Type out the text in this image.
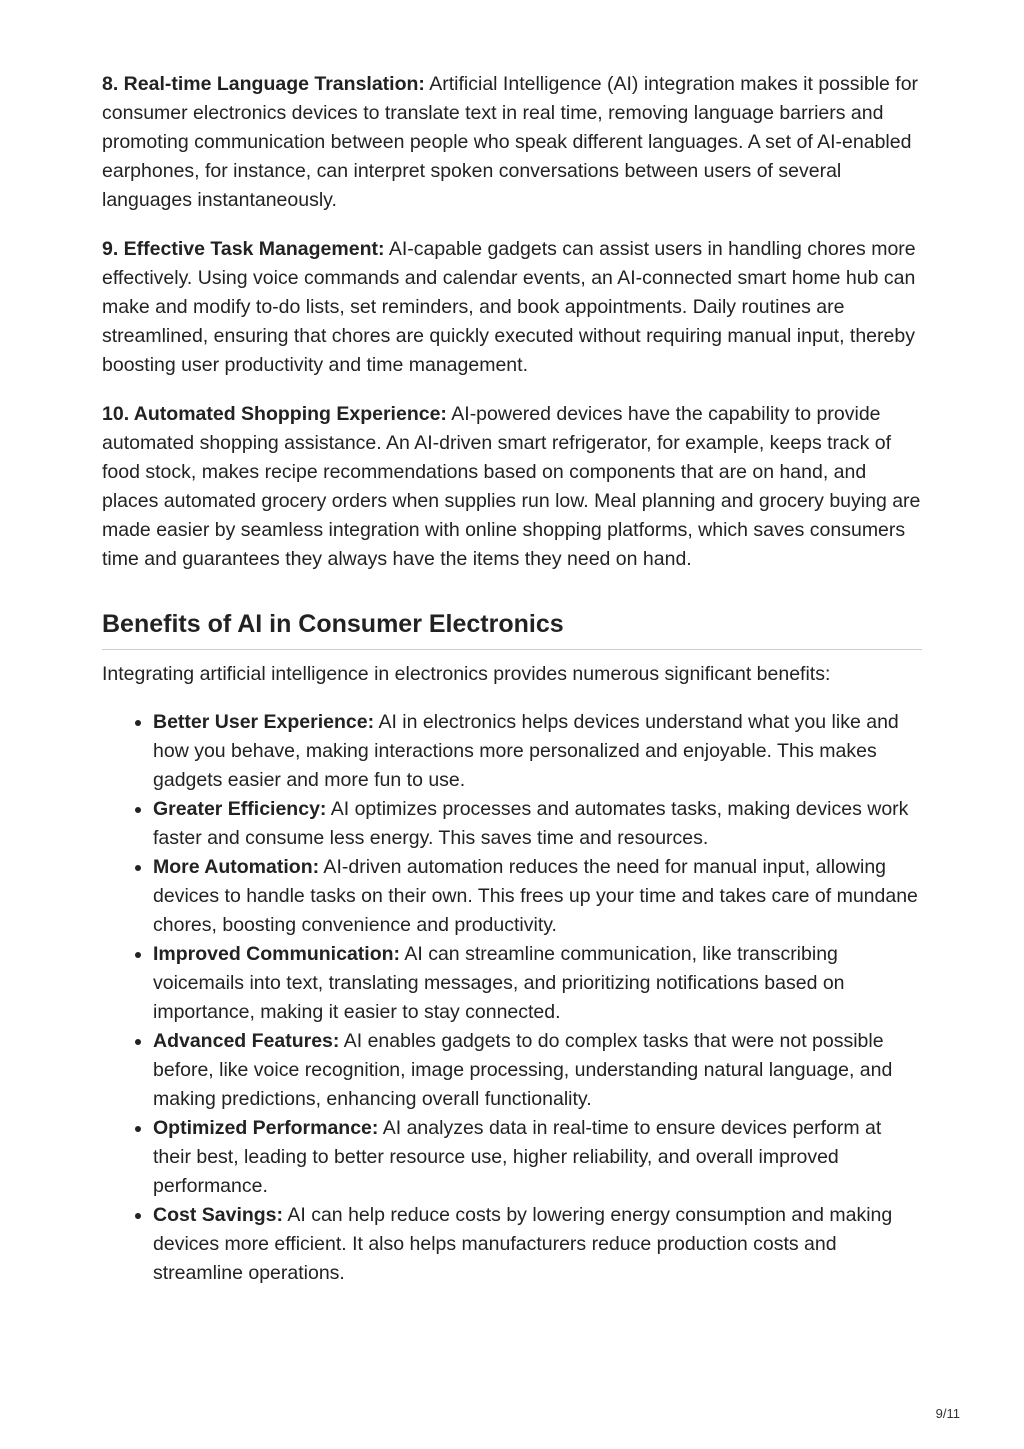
8. Real-time Language Translation: Artificial Intelligence (AI) integration makes it possible for consumer electronics devices to translate text in real time, removing language barriers and promoting communication between people who speak different languages. A set of AI-enabled earphones, for instance, can interpret spoken conversations between users of several languages instantaneously.

9. Effective Task Management: AI-capable gadgets can assist users in handling chores more effectively. Using voice commands and calendar events, an AI-connected smart home hub can make and modify to-do lists, set reminders, and book appointments. Daily routines are streamlined, ensuring that chores are quickly executed without requiring manual input, thereby boosting user productivity and time management.

10. Automated Shopping Experience: AI-powered devices have the capability to provide automated shopping assistance. An AI-driven smart refrigerator, for example, keeps track of food stock, makes recipe recommendations based on components that are on hand, and places automated grocery orders when supplies run low. Meal planning and grocery buying are made easier by seamless integration with online shopping platforms, which saves consumers time and guarantees they always have the items they need on hand.

Benefits of AI in Consumer Electronics

Integrating artificial intelligence in electronics provides numerous significant benefits:

• Better User Experience: AI in electronics helps devices understand what you like and how you behave, making interactions more personalized and enjoyable. This makes gadgets easier and more fun to use.
• Greater Efficiency: AI optimizes processes and automates tasks, making devices work faster and consume less energy. This saves time and resources.
• More Automation: AI-driven automation reduces the need for manual input, allowing devices to handle tasks on their own. This frees up your time and takes care of mundane chores, boosting convenience and productivity.
• Improved Communication: AI can streamline communication, like transcribing voicemails into text, translating messages, and prioritizing notifications based on importance, making it easier to stay connected.
• Advanced Features: AI enables gadgets to do complex tasks that were not possible before, like voice recognition, image processing, understanding natural language, and making predictions, enhancing overall functionality.
• Optimized Performance: AI analyzes data in real-time to ensure devices perform at their best, leading to better resource use, higher reliability, and overall improved performance.
• Cost Savings: AI can help reduce costs by lowering energy consumption and making devices more efficient. It also helps manufacturers reduce production costs and streamline operations.
9/11
